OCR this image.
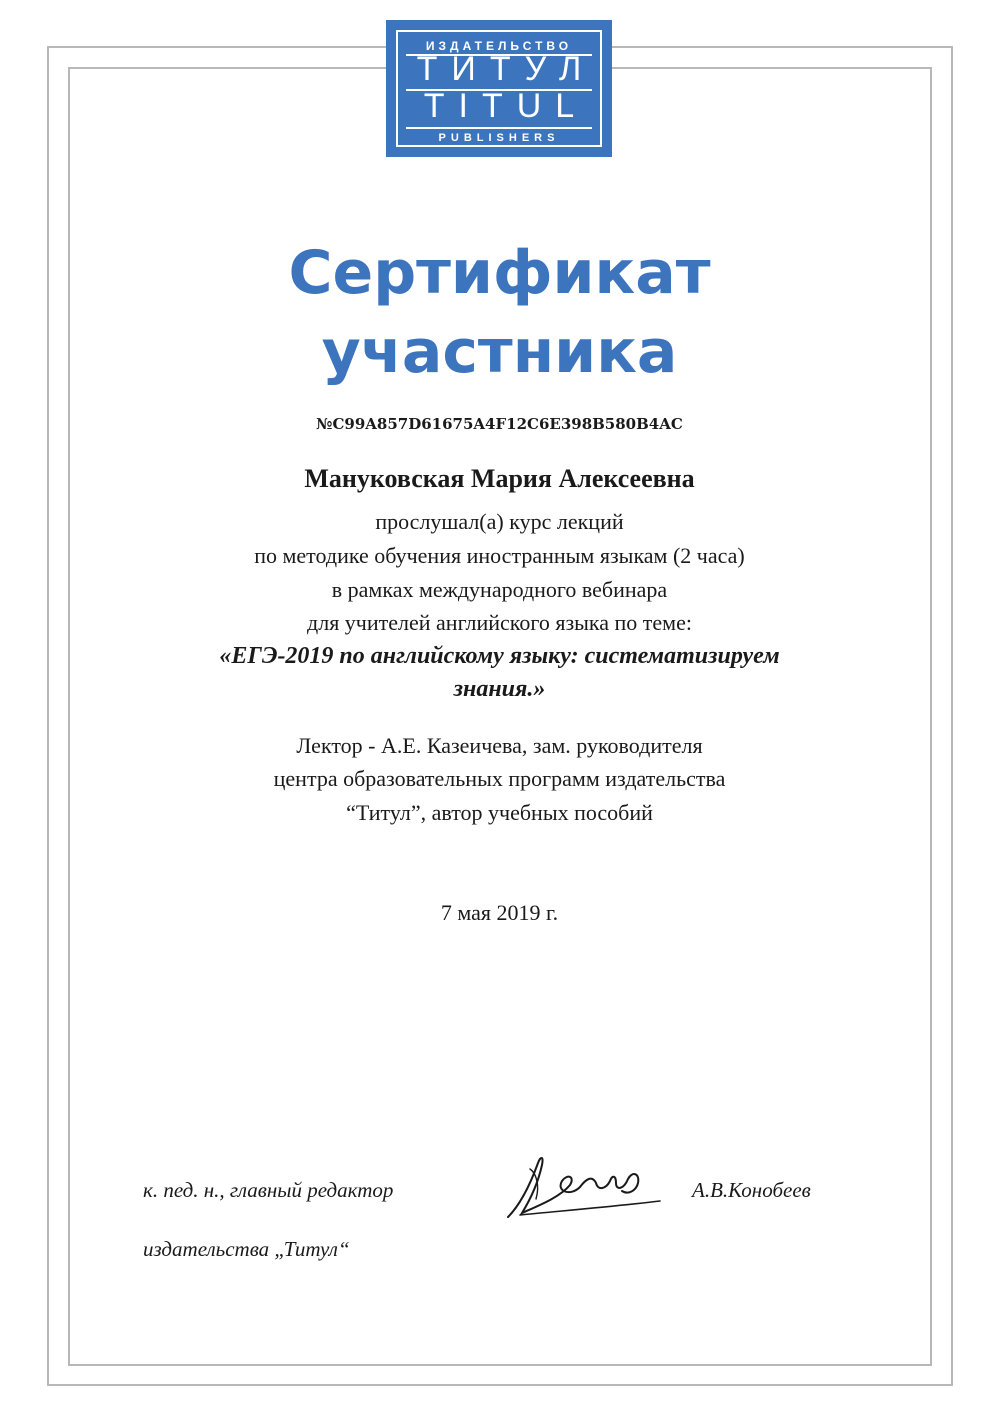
ИЗДАТЕЛЬСТВО
ТИТУЛ
TITUL
PUBLISHERS
Сертификат
участника
№C99A857D61675A4F12C6E398B580B4AC
Мануковская Мария Алексеевна
прослушал(а) курс лекций
по методике обучения иностранным языкам (2 часа)
в рамках международного вебинара
для учителей английского языка по теме:
«ЕГЭ-2019 по английскому языку: систематизируем
знания.»
Лектор - А.Е. Казеичева, зам. руководителя
центра образовательных программ издательства
“Титул”, автор учебных пособий
7 мая 2019 г.
к. пед. н., главный редактор
издательства „Титул“
А.В.Конобеев
